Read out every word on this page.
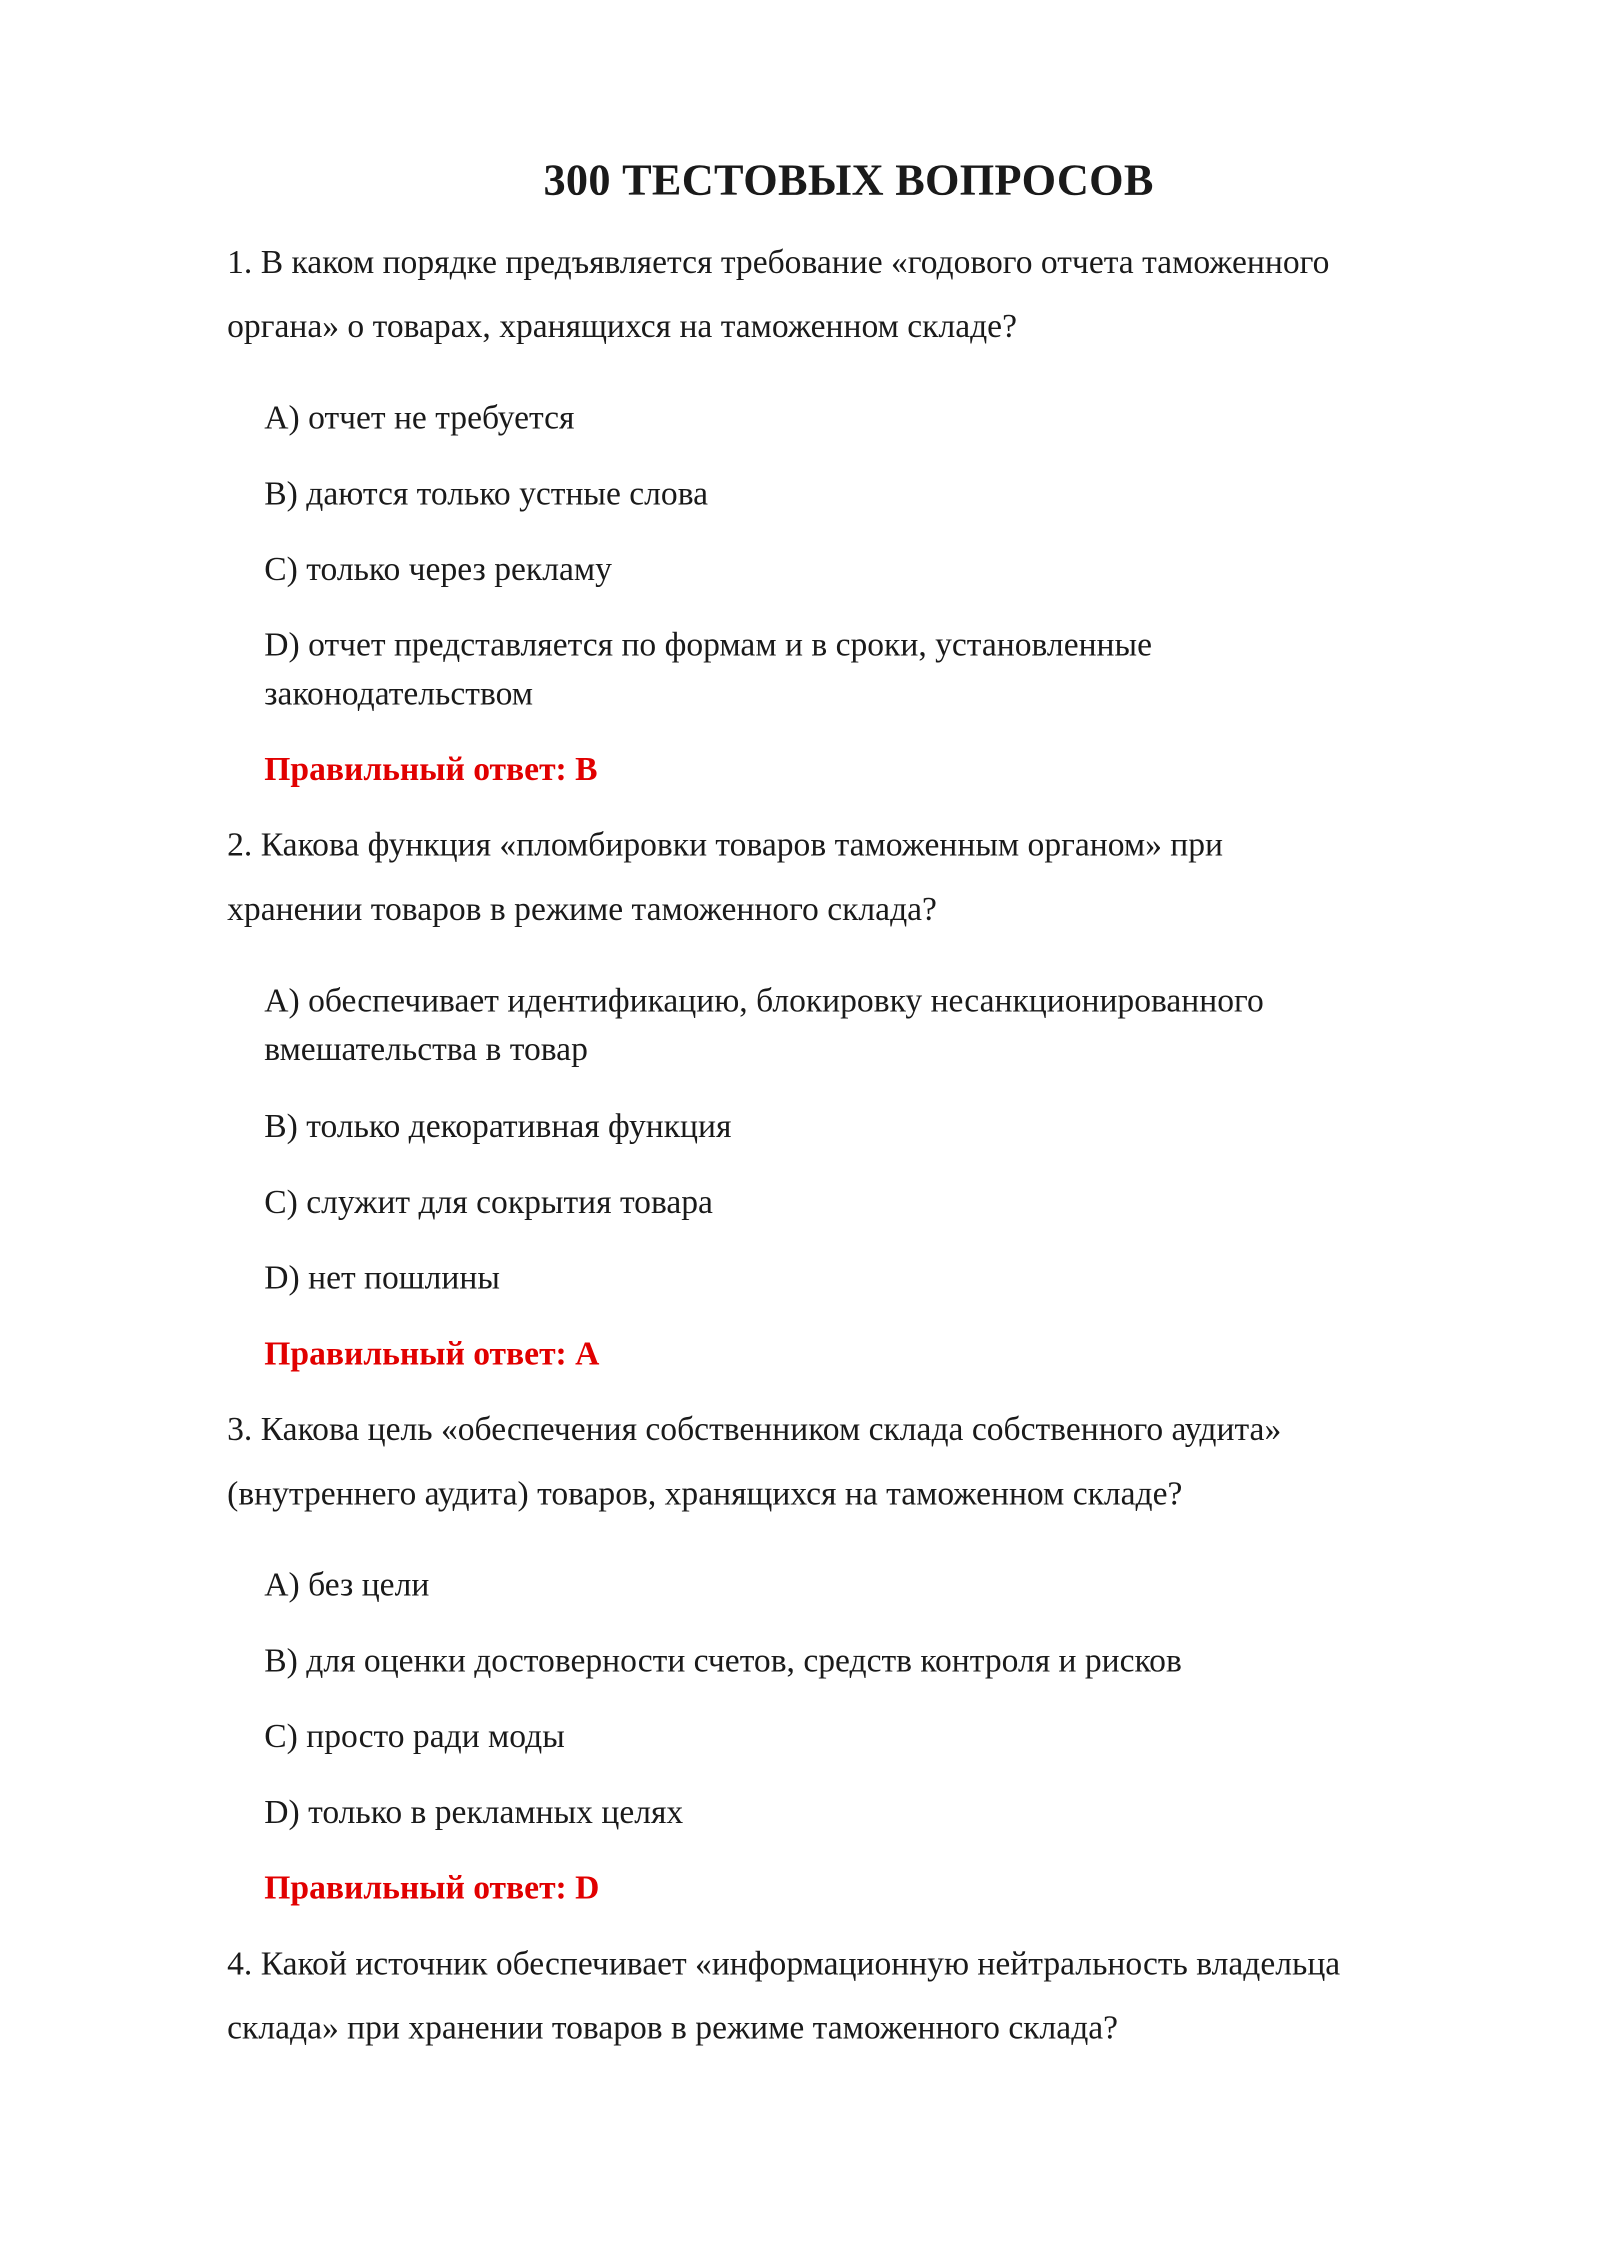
300 ТЕСТОВЫХ ВОПРОСОВ
1. В каком порядке предъявляется требование «годового отчета таможенного
органа» о товарах, хранящихся на таможенном складе?
A) отчет не требуется
B) даются только устные слова
C) только через рекламу
D) отчет представляется по формам и в сроки, установленные
законодательством
Правильный ответ: B
2. Какова функция «пломбировки товаров таможенным органом» при
хранении товаров в режиме таможенного склада?
A) обеспечивает идентификацию, блокировку несанкционированного
вмешательства в товар
B) только декоративная функция
C) служит для сокрытия товара
D) нет пошлины
Правильный ответ: A
3. Какова цель «обеспечения собственником склада собственного аудита»
(внутреннего аудита) товаров, хранящихся на таможенном складе?
A) без цели
B) для оценки достоверности счетов, средств контроля и рисков
C) просто ради моды
D) только в рекламных целях
Правильный ответ: D
4. Какой источник обеспечивает «информационную нейтральность владельца
склада» при хранении товаров в режиме таможенного склада?
